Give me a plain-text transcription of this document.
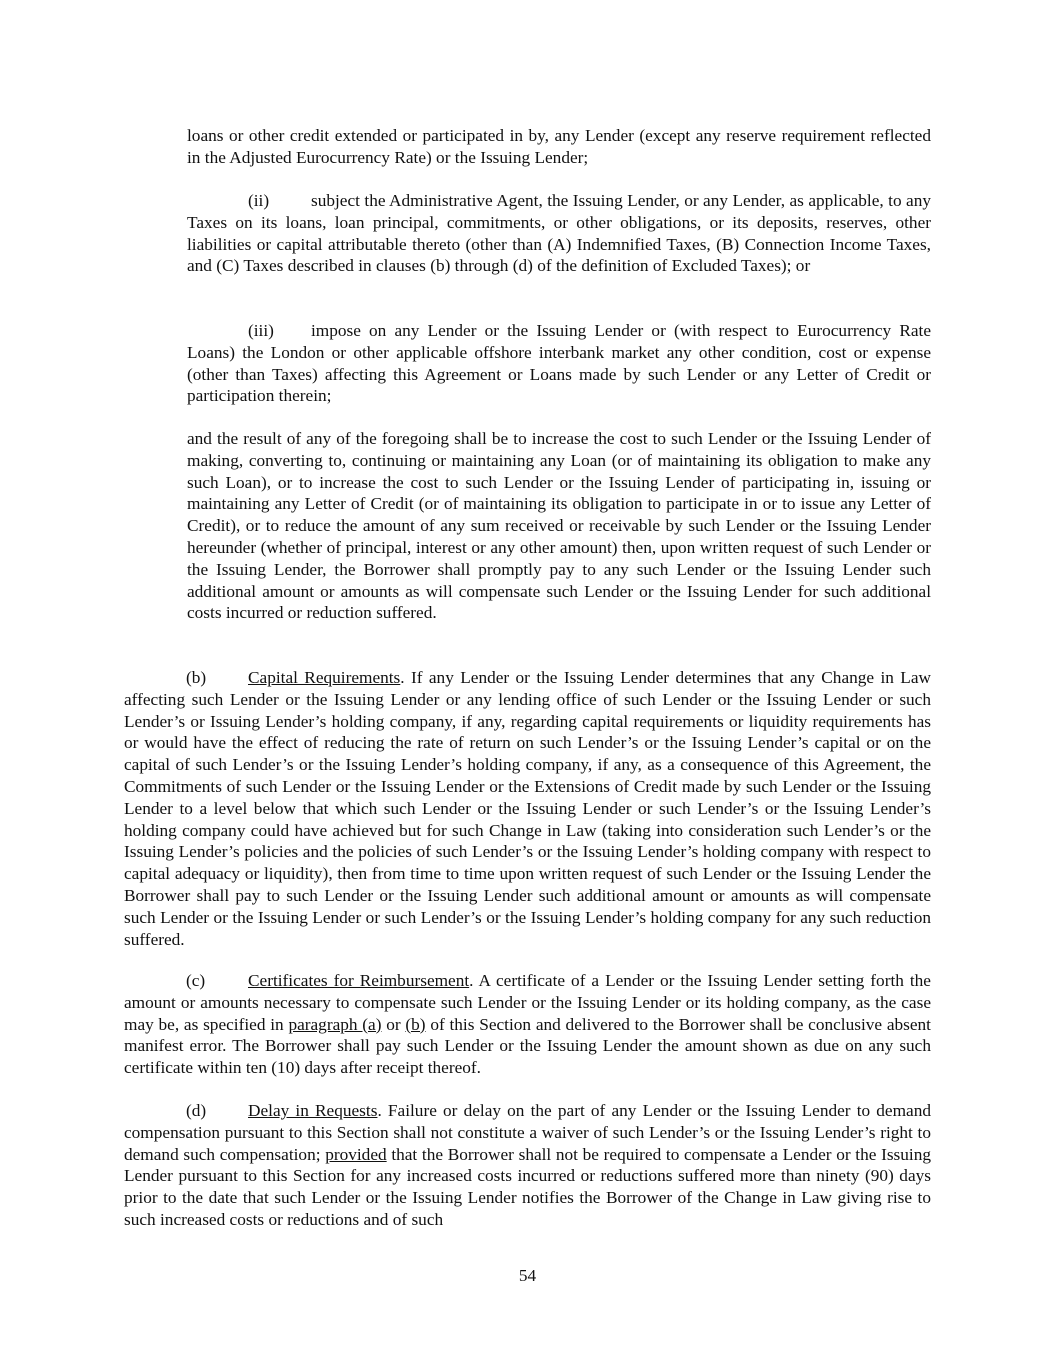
loans or other credit extended or participated in by, any Lender (except any reserve requirement reflected in the Adjusted Eurocurrency Rate) or the Issuing Lender;

(ii) subject the Administrative Agent, the Issuing Lender, or any Lender, as applicable, to any Taxes on its loans, loan principal, commitments, or other obligations, or its deposits, reserves, other liabilities or capital attributable thereto (other than (A) Indemnified Taxes, (B) Connection Income Taxes, and (C) Taxes described in clauses (b) through (d) of the definition of Excluded Taxes); or

(iii) impose on any Lender or the Issuing Lender or (with respect to Eurocurrency Rate Loans) the London or other applicable offshore interbank market any other condition, cost or expense (other than Taxes) affecting this Agreement or Loans made by such Lender or any Letter of Credit or participation therein;

and the result of any of the foregoing shall be to increase the cost to such Lender or the Issuing Lender of making, converting to, continuing or maintaining any Loan (or of maintaining its obligation to make any such Loan), or to increase the cost to such Lender or the Issuing Lender of participating in, issuing or maintaining any Letter of Credit (or of maintaining its obligation to participate in or to issue any Letter of Credit), or to reduce the amount of any sum received or receivable by such Lender or the Issuing Lender hereunder (whether of principal, interest or any other amount) then, upon written request of such Lender or the Issuing Lender, the Borrower shall promptly pay to any such Lender or the Issuing Lender such additional amount or amounts as will compensate such Lender or the Issuing Lender for such additional costs incurred or reduction suffered.

(b) Capital Requirements. If any Lender or the Issuing Lender determines that any Change in Law affecting such Lender or the Issuing Lender or any lending office of such Lender or the Issuing Lender or such Lender’s or Issuing Lender’s holding company, if any, regarding capital requirements or liquidity requirements has or would have the effect of reducing the rate of return on such Lender’s or the Issuing Lender’s capital or on the capital of such Lender’s or the Issuing Lender’s holding company, if any, as a consequence of this Agreement, the Commitments of such Lender or the Issuing Lender or the Extensions of Credit made by such Lender or the Issuing Lender to a level below that which such Lender or the Issuing Lender or such Lender’s or the Issuing Lender’s holding company could have achieved but for such Change in Law (taking into consideration such Lender’s or the Issuing Lender’s policies and the policies of such Lender’s or the Issuing Lender’s holding company with respect to capital adequacy or liquidity), then from time to time upon written request of such Lender or the Issuing Lender the Borrower shall pay to such Lender or the Issuing Lender such additional amount or amounts as will compensate such Lender or the Issuing Lender or such Lender’s or the Issuing Lender’s holding company for any such reduction suffered.

(c) Certificates for Reimbursement. A certificate of a Lender or the Issuing Lender setting forth the amount or amounts necessary to compensate such Lender or the Issuing Lender or its holding company, as the case may be, as specified in paragraph (a) or (b) of this Section and delivered to the Borrower shall be conclusive absent manifest error. The Borrower shall pay such Lender or the Issuing Lender the amount shown as due on any such certificate within ten (10) days after receipt thereof.

(d) Delay in Requests. Failure or delay on the part of any Lender or the Issuing Lender to demand compensation pursuant to this Section shall not constitute a waiver of such Lender’s or the Issuing Lender’s right to demand such compensation; provided that the Borrower shall not be required to compensate a Lender or the Issuing Lender pursuant to this Section for any increased costs incurred or reductions suffered more than ninety (90) days prior to the date that such Lender or the Issuing Lender notifies the Borrower of the Change in Law giving rise to such increased costs or reductions and of such

54
